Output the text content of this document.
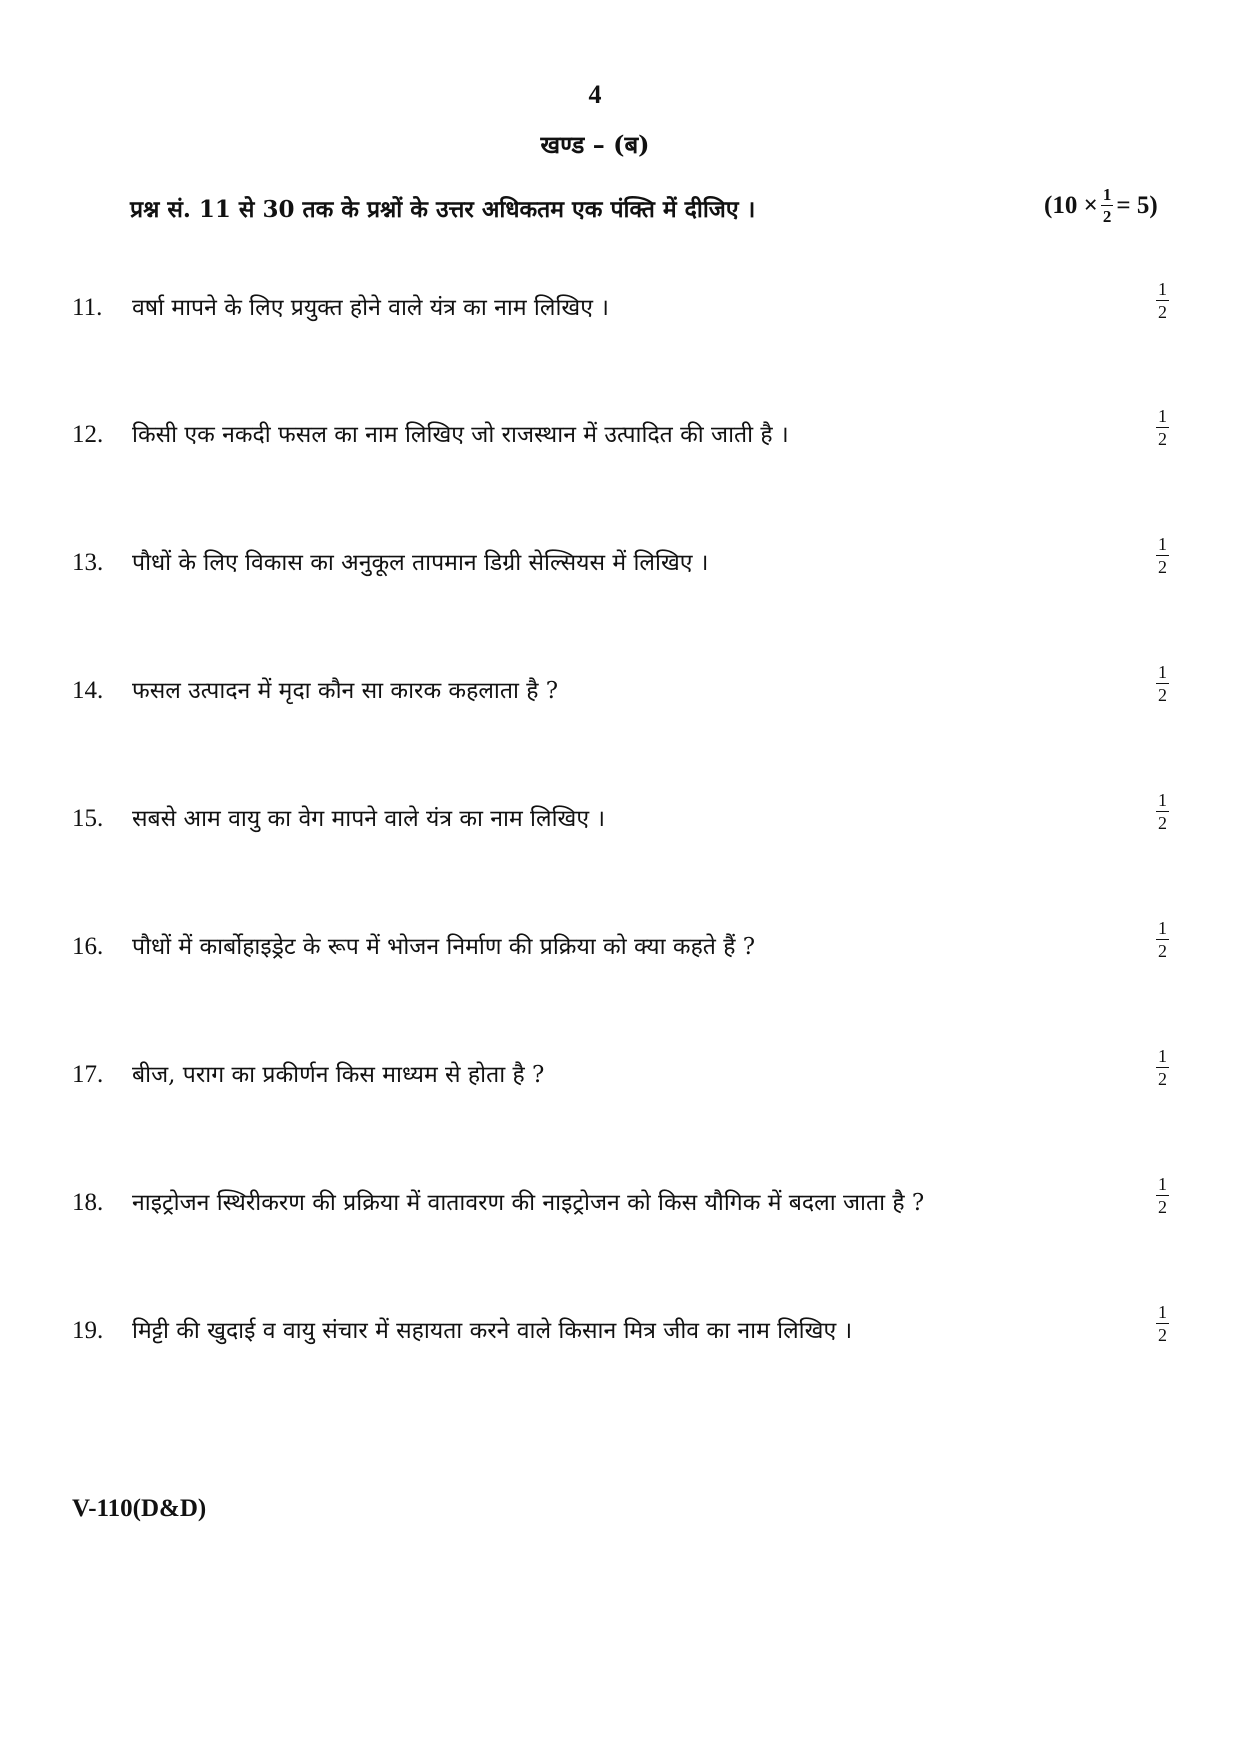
4
खण्ड – (ब)
प्रश्न सं. 11 से 30 तक के प्रश्नों के उत्तर अधिकतम एक पंक्ति में दीजिए ।	$(10 \times \frac{1}{2} = 5)$
11. वर्षा मापने के लिए प्रयुक्त होने वाले यंत्र का नाम लिखिए ।	$\frac{1}{2}$
12. किसी एक नकदी फसल का नाम लिखिए जो राजस्थान में उत्पादित की जाती है ।	$\frac{1}{2}$
13. पौधों के लिए विकास का अनुकूल तापमान डिग्री सेल्सियस में लिखिए ।	$\frac{1}{2}$
14. फसल उत्पादन में मृदा कौन सा कारक कहलाता है ?	$\frac{1}{2}$
15. सबसे आम वायु का वेग मापने वाले यंत्र का नाम लिखिए ।	$\frac{1}{2}$
16. पौधों में कार्बोहाइड्रेट के रूप में भोजन निर्माण की प्रक्रिया को क्या कहते हैं ?	$\frac{1}{2}$
17. बीज, पराग का प्रकीर्णन किस माध्यम से होता है ?	$\frac{1}{2}$
18. नाइट्रोजन स्थिरीकरण की प्रक्रिया में वातावरण की नाइट्रोजन को किस यौगिक में बदला जाता है ?	$\frac{1}{2}$
19. मिट्टी की खुदाई व वायु संचार में सहायता करने वाले किसान मित्र जीव का नाम लिखिए ।	$\frac{1}{2}$
V-110(D&D)
